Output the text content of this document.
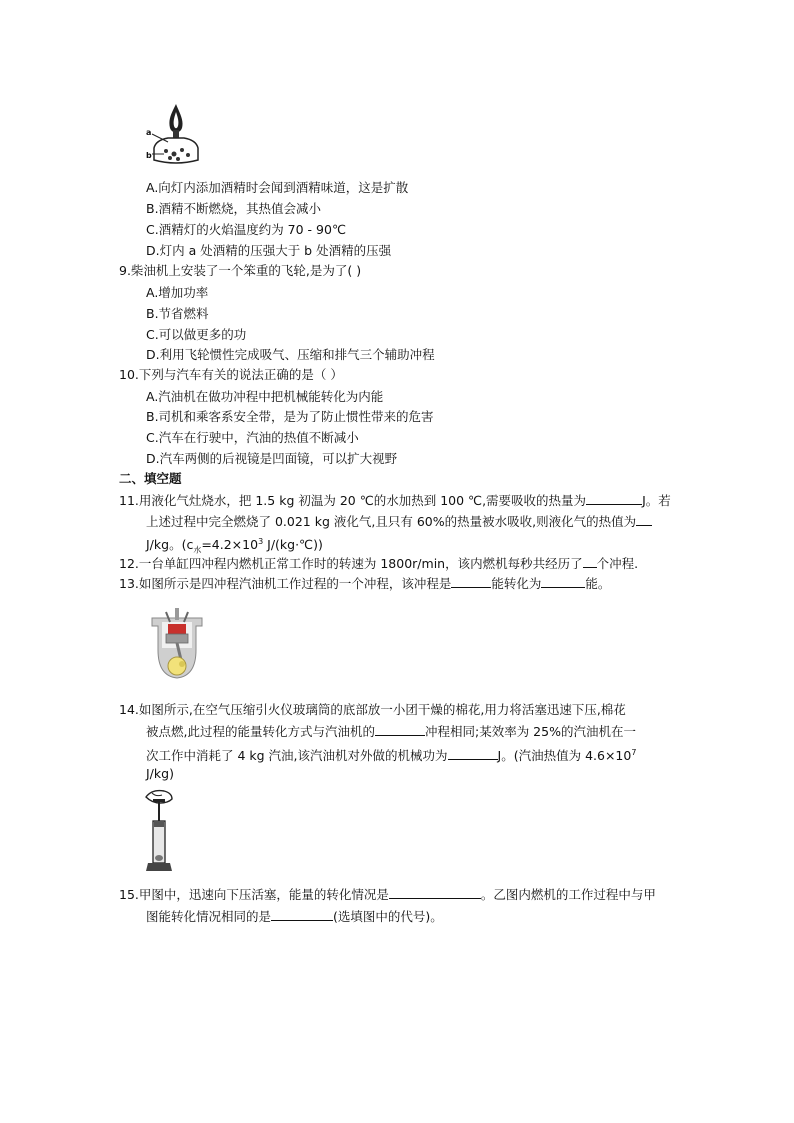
a
b
A.向灯内添加酒精时会闻到酒精味道，这是扩散
B.酒精不断燃烧，其热值会减小
C.酒精灯的火焰温度约为 70 - 90℃
D.灯内 a 处酒精的压强大于 b 处酒精的压强
9.柴油机上安装了一个笨重的飞轮,是为了( )
A.增加功率
B.节省燃料
C.可以做更多的功
D.利用飞轮惯性完成吸气、压缩和排气三个辅助冲程
10.下列与汽车有关的说法正确的是（ ）
A.汽油机在做功冲程中把机械能转化为内能
B.司机和乘客系安全带，是为了防止惯性带来的危害
C.汽车在行驶中，汽油的热值不断减小
D.汽车两侧的后视镜是凹面镜，可以扩大视野
二、填空题
11.用液化气灶烧水，把 1.5 kg 初温为 20 ℃的水加热到 100 ℃,需要吸收的热量为	J。若
上述过程中完全燃烧了 0.021 kg 液化气,且只有 60%的热量被水吸收,则液化气的热值为
J/kg。($c_水=4.2\times 10^3$ J/(kg·℃))
12.一台单缸四冲程内燃机正常工作时的转速为 1800r/min，该内燃机每秒共经历了 个冲程.
13.如图所示是四冲程汽油机工作过程的一个冲程，该冲程是	能转化为	能。
14.如图所示,在空气压缩引火仪玻璃筒的底部放一小团干燥的棉花,用力将活塞迅速下压,棉花
被点燃,此过程的能量转化方式与汽油机的	冲程相同;某效率为 25%的汽油机在一
次工作中消耗了 4 kg 汽油,该汽油机对外做的机械功为	J。(汽油热值为 $4.6\times 10^7$
J/kg)
15.甲图中，迅速向下压活塞，能量的转化情况是	。乙图内燃机的工作过程中与甲
图能转化情况相同的是	(选填图中的代号)。
